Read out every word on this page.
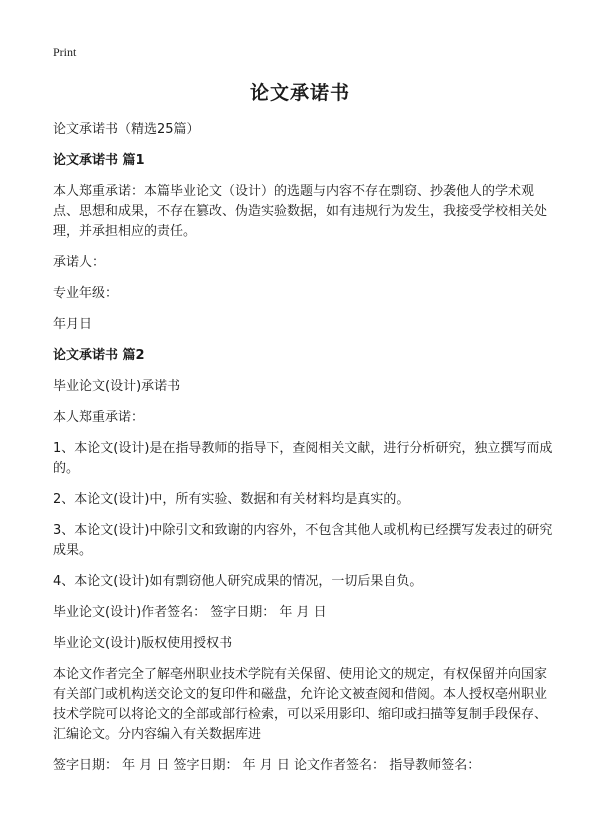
Print
论文承诺书

论文承诺书（精选25篇）

论文承诺书 篇1

本人郑重承诺：本篇毕业论文（设计）的选题与内容不存在剽窃、抄袭他人的学术观点、思想和成果，不存在篡改、伪造实验数据，如有违规行为发生，我接受学校相关处理，并承担相应的责任。

承诺人：

专业年级：

年月日

论文承诺书 篇2

毕业论文(设计)承诺书

本人郑重承诺：

1、本论文(设计)是在指导教师的指导下，查阅相关文献，进行分析研究，独立撰写而成的。

2、本论文(设计)中，所有实验、数据和有关材料均是真实的。

3、本论文(设计)中除引文和致谢的内容外，不包含其他人或机构已经撰写发表过的研究成果。

4、本论文(设计)如有剽窃他人研究成果的情况，一切后果自负。

毕业论文(设计)作者签名： 签字日期： 年 月 日

毕业论文(设计)版权使用授权书

本论文作者完全了解亳州职业技术学院有关保留、使用论文的规定，有权保留并向国家有关部门或机构送交论文的复印件和磁盘，允许论文被查阅和借阅。本人授权亳州职业技术学院可以将论文的全部或部行检索，可以采用影印、缩印或扫描等复制手段保存、汇编论文。分内容编入有关数据库进

签字日期： 年 月 日 签字日期： 年 月 日 论文作者签名： 指导教师签名：
